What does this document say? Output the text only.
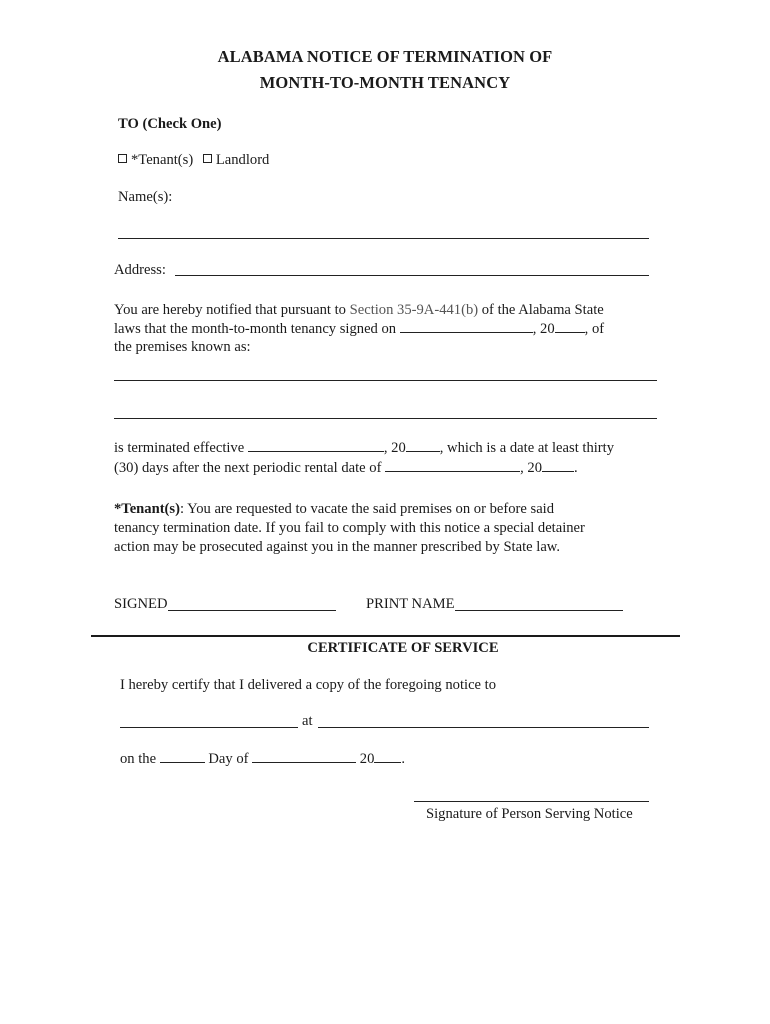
ALABAMA NOTICE OF TERMINATION OF
MONTH-TO-MONTH TENANCY
TO (Check One)
*Tenant(s) Landlord
Name(s):
Address:
You are hereby notified that pursuant to Section 35-9A-441(b) of the Alabama State
laws that the month-to-month tenancy signed on	, 20 , of
the premises known as:
is terminated effective	, 20 , which is a date at least thirty
(30) days after the next periodic rental date of	, 20 .
*Tenant(s): You are requested to vacate the said premises on or before said
tenancy termination date. If you fail to comply with this notice a special detainer
action may be prosecuted against you in the manner prescribed by State law.
SIGNED	PRINT NAME
CERTIFICATE OF SERVICE
I hereby certify that I delivered a copy of the foregoing notice to
at
on the	Day of	20 .
Signature of Person Serving Notice
